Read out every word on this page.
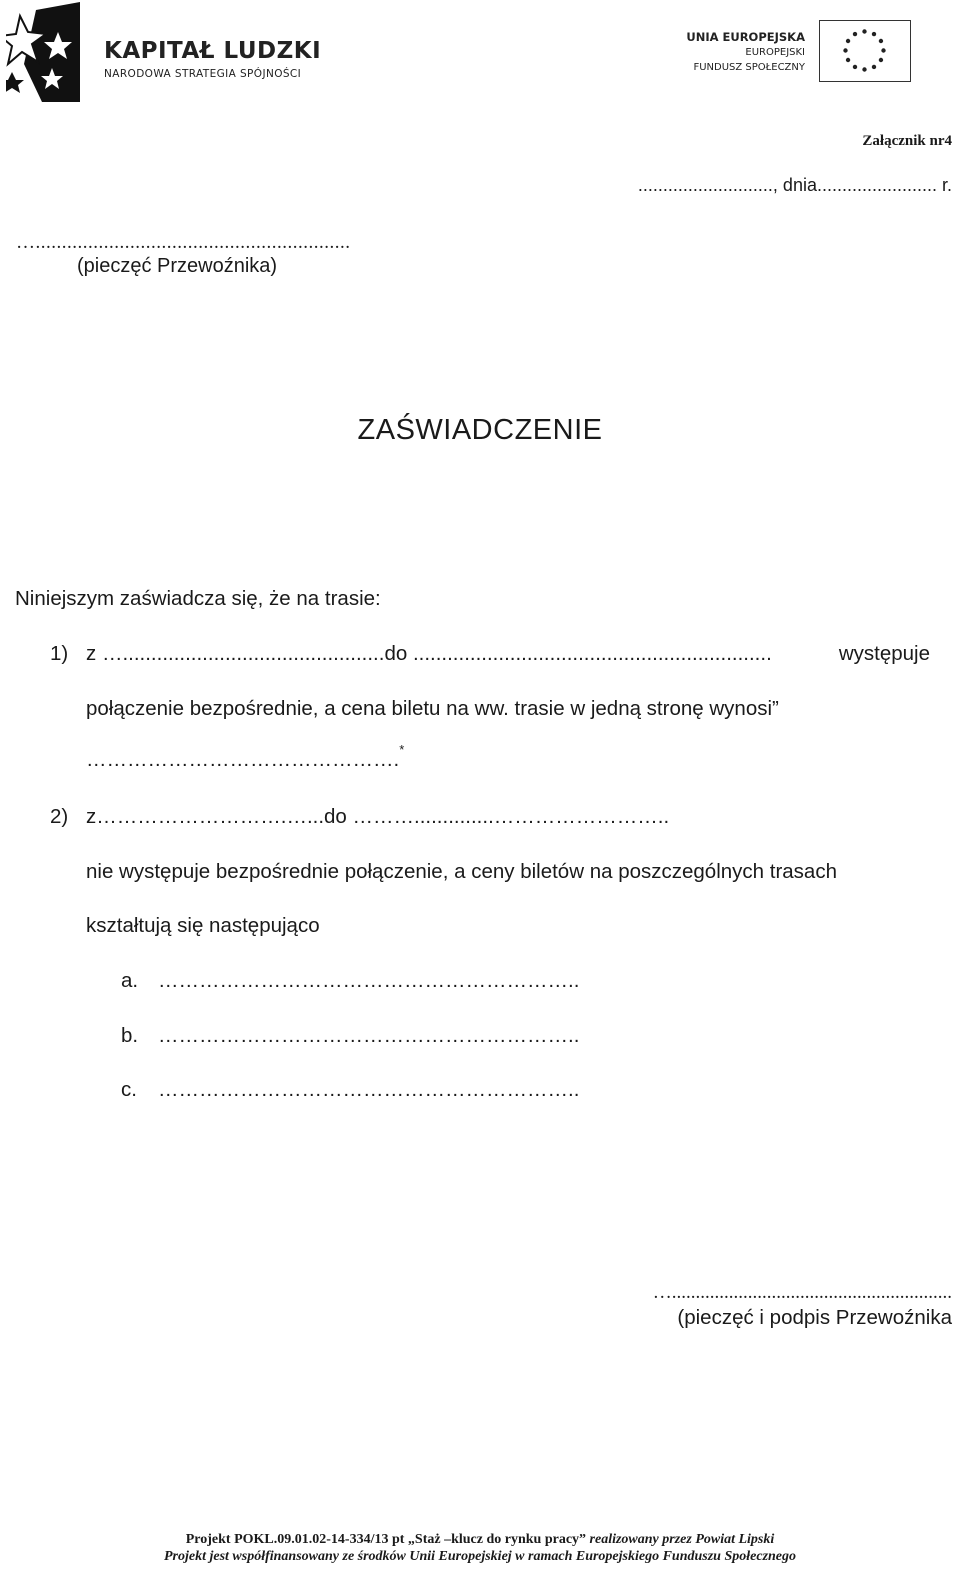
KAPITAŁ LUDZKI
NARODOWA STRATEGIA SPÓJNOŚCI
UNIA EUROPEJSKA
EUROPEJSKI
FUNDUSZ SPOŁECZNY
Załącznik nr4
..........................., dnia........................ r.
…............................................................
(pieczęć Przewoźnika)
ZAŚWIADCZENIE
Niniejszym zaświadcza się, że na trasie:
1) z …..............................................do ...............................................................	występuje
połączenie bezpośrednie, a cena biletu na ww. trasie w jedną stronę wynosi”
……………………………………….*
2) z……………………….…...do ………..............……………………..
nie występuje bezpośrednie połączenie, a ceny biletów na poszczególnych trasach
kształtują się następująco
a. ……………………………………………………..
b. ……………………………………………………..
c. ……………………………………………………..
…...........................................................
(pieczęć i podpis Przewoźnika
Projekt POKL.09.01.02-14-334/13 pt „Staż –klucz do rynku pracy” realizowany przez Powiat Lipski
Projekt jest współfinansowany ze środków Unii Europejskiej w ramach Europejskiego Funduszu Społecznego
